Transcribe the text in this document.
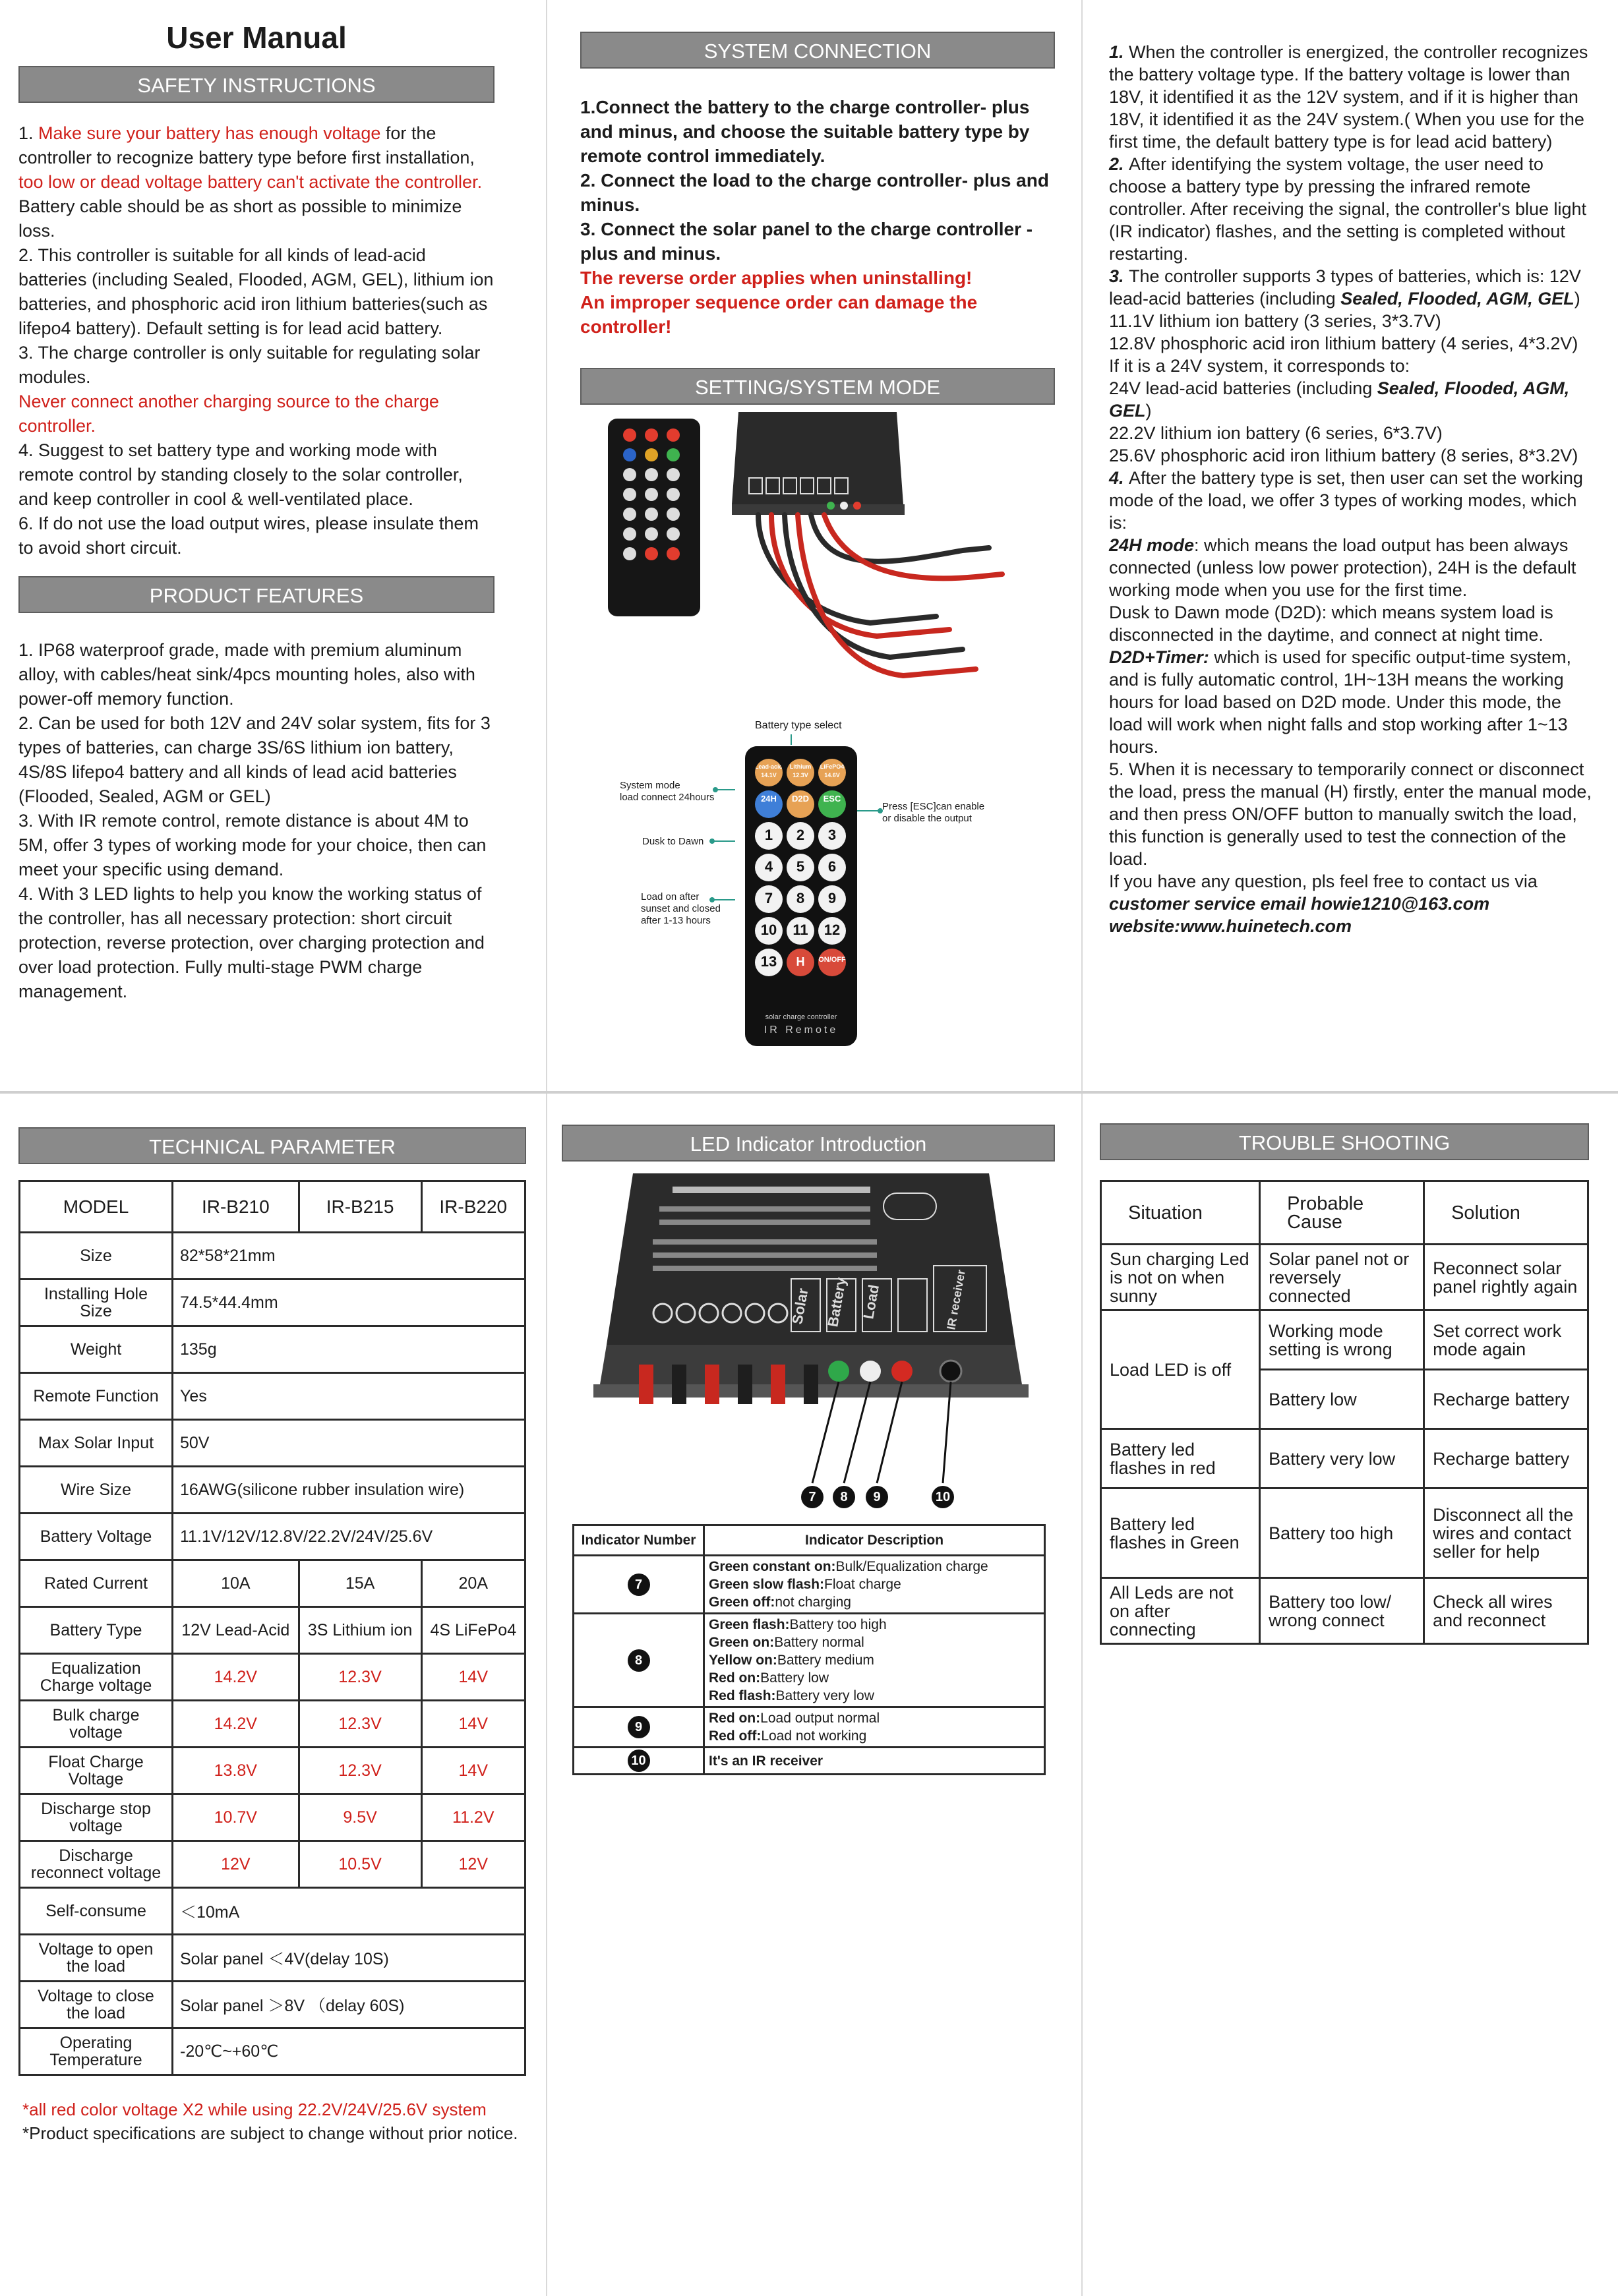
User Manual
SAFETY INSTRUCTIONS

1. Make sure your battery has enough voltage for the controller to recognize battery type before first installation, too low or dead voltage battery can't activate the controller. Battery cable should be as short as possible to minimize loss.

2. This controller is suitable for all kinds of lead-acid batteries (including Sealed, Flooded, AGM, GEL), lithium ion batteries, and phosphoric acid iron lithium batteries(such as lifepo4 battery). Default setting is for lead acid battery.

3. The charge controller is only suitable for regulating solar modules.

Never connect another charging source to the charge controller.

4. Suggest to set battery type and working mode with remote control by standing closely to the solar controller, and keep controller in cool & well-ventilated place.

6. If do not use the load output wires, please insulate them to avoid short circuit.

PRODUCT FEATURES

1. IP68 waterproof grade, made with premium aluminum alloy, with cables/heat sink/4pcs mounting holes, also with power-off memory function.

2. Can be used for both 12V and 24V solar system, fits for 3 types of batteries, can charge 3S/6S lithium ion battery, 4S/8S lifepo4 battery and all kinds of lead acid batteries (Flooded, Sealed, AGM or GEL)

3. With IR remote control, remote distance is about 4M to 5M, offer 3 types of working mode for your choice, then can meet your specific using demand.

4. With 3 LED lights to help you know the working status of the controller, has all necessary protection: short circuit protection, reverse protection, over charging protection and over load protection. Fully multi-stage PWM charge management.

SYSTEM CONNECTION

1.Connect the battery to the charge controller- plus and minus, and choose the suitable battery type by remote control immediately.

2. Connect the load to the charge controller- plus and minus.

3. Connect the solar panel to the charge controller - plus and minus.

The reverse order applies when uninstalling!

An improper sequence order can damage the controller!

SETTING/SYSTEM MODE
Battery type select
System mode
load connect 24hours
Dusk to Dawn
Load on after
sunset and closed
after 1-13 hours
Press [ESC]can enable
or disable the output
Lead-acid 14.1VLithium 12.3VLiFePO4 14.6V24H D2D ESC1 2 34 5 67 8 910 11 1213 H ON/OFF
solar charge controller
IR Remote

1. When the controller is energized, the controller recognizes the battery voltage type. If the battery voltage is lower than 18V, it identified it as the 12V system, and if it is higher than 18V, it identified it as the 24V system.( When you use for the first time, the default battery type is for lead acid battery)

2. After identifying the system voltage, the user need to choose a battery type by pressing the infrared remote controller. After receiving the signal, the controller's blue light (IR indicator) flashes, and the setting is completed without restarting.

3. The controller supports 3 types of batteries, which is: 12V lead-acid batteries (including Sealed, Flooded, AGM, GEL)

11.1V lithium ion battery (3 series, 3*3.7V)

12.8V phosphoric acid iron lithium battery (4 series, 4*3.2V)

If it is a 24V system, it corresponds to:

24V lead-acid batteries (including Sealed, Flooded, AGM, GEL)

22.2V lithium ion battery (6 series, 6*3.7V)

25.6V phosphoric acid iron lithium battery (8 series, 8*3.2V)

4. After the battery type is set, then user can set the working mode of the load, we offer 3 types of working modes, which is:

24H mode: which means the load output has been always connected (unless low power protection), 24H is the default working mode when you use for the first time.

Dusk to Dawn mode (D2D): which means system load is disconnected in the daytime, and connect at night time.

D2D+Timer: which is used for specific output-time system, and is fully automatic control, 1H~13H means the working hours for load based on D2D mode. Under this mode, the load will work when night falls and stop working after 1~13 hours.

5. When it is necessary to temporarily connect or disconnect the load, press the manual (H) firstly, enter the manual mode, and then press ON/OFF button to manually switch the load, this function is generally used to test the connection of the load.

If you have any question, pls feel free to contact us via

customer service email howie1210@163.com

website:www.huinetech.com

TECHNICAL PARAMETER
MODEL	IR-B210	IR-B215	IR-B220
Size	82*58*21mm		
Installing Hole Size	74.5*44.4mm		
Weight	135g		
Remote Function	Yes		
Max Solar Input	50V		
Wire Size	16AWG(silicone rubber insulation wire)		
Battery Voltage	11.1V/12V/12.8V/22.2V/24V/25.6V		
Rated Current	10A	15A	20A
Battery Type	12V Lead-Acid	3S Lithium ion	4S LiFePo4
Equalization Charge voltage	14.2V	12.3V	14V
Bulk charge voltage	14.2V	12.3V	14V
Float Charge Voltage	13.8V	12.3V	14V
Discharge stop voltage	10.7V	9.5V	11.2V
Discharge reconnect voltage	12V	10.5V	12V
Self-consume	＜10mA		
Voltage to open the load	Solar panel ＜4V(delay 10S)		
Voltage to close the load	Solar panel ＞8V （delay 60S)		
Operating Temperature	-20℃~+60℃		
*all red color voltage X2 while using 22.2V/24V/25.6V system
*Product specifications are subject to change without prior notice.
LED Indicator Introduction
Solar Battery Load	IR receiver
7	8	9	10
Indicator Number	Indicator Description
7	Green constant on:Bulk/Equalization charge
Green slow flash:Float charge
Green off:not charging

8	Green flash:Battery too high
Green on:Battery normal
Yellow on:Battery medium
Red on:Battery low
Red flash:Battery very low

9	Red on:Load output normal
Red off:Load not working

10	It's an IR receiver
TROUBLE SHOOTING
Situation	Probable Cause	Solution
Sun charging Led is not on when sunny	Solar panel not or reversely connected	Reconnect solar panel rightly again
Load LED is off	Working mode setting is wrong	Set correct work mode again
	Battery low	Recharge battery
Battery led flashes in red	Battery very low	Recharge battery
Battery led flashes in Green	Battery too high	Disconnect all the wires and contact seller for help
All Leds are not on after connecting	Battery too low/ wrong connect	Check all wires and reconnect
